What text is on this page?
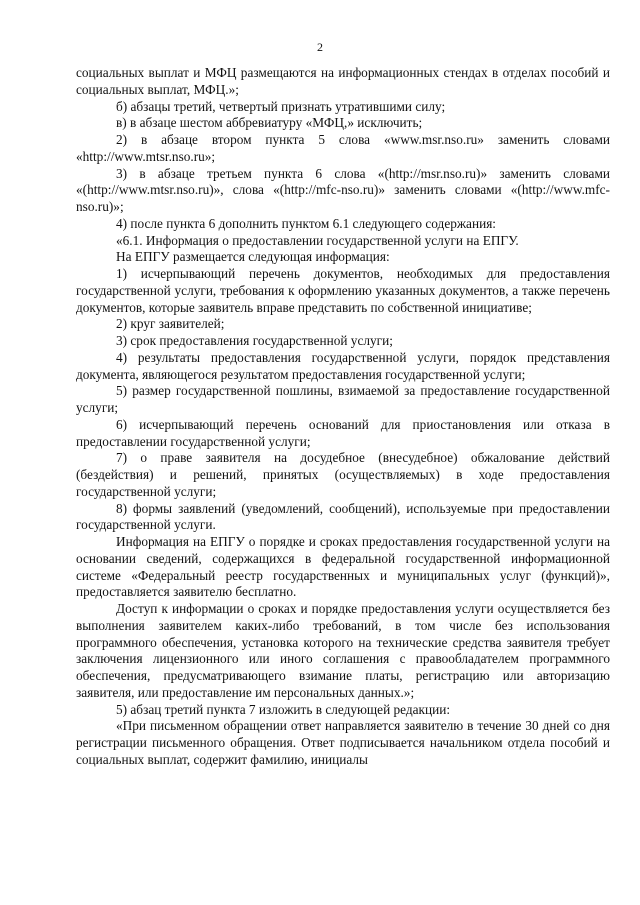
2

социальных выплат и МФЦ размещаются на информационных стендах в отделах пособий и социальных выплат, МФЦ.»;

б) абзацы третий, четвертый признать утратившими силу;

в) в абзаце шестом аббревиатуру «МФЦ,» исключить;

2) в абзаце втором пункта 5 слова «www.msr.nso.ru» заменить словами «http://www.mtsr.nso.ru»;

3) в абзаце третьем пункта 6 слова «(http://msr.nso.ru)» заменить словами «(http://www.mtsr.nso.ru)», слова «(http://mfc-nso.ru)» заменить словами «(http://www.mfc-nso.ru)»;

4) после пункта 6 дополнить пунктом 6.1 следующего содержания:

«6.1. Информация о предоставлении государственной услуги на ЕПГУ.

На ЕПГУ размещается следующая информация:

1) исчерпывающий перечень документов, необходимых для предоставления государственной услуги, требования к оформлению указанных документов, а также перечень документов, которые заявитель вправе представить по собственной инициативе;

2) круг заявителей;

3) срок предоставления государственной услуги;

4) результаты предоставления государственной услуги, порядок представления документа, являющегося результатом предоставления государственной услуги;

5) размер государственной пошлины, взимаемой за предоставление государственной услуги;

6) исчерпывающий перечень оснований для приостановления или отказа в предоставлении государственной услуги;

7) о праве заявителя на досудебное (внесудебное) обжалование действий (бездействия) и решений, принятых (осуществляемых) в ходе предоставления государственной услуги;

8) формы заявлений (уведомлений, сообщений), используемые при предоставлении государственной услуги.

Информация на ЕПГУ о порядке и сроках предоставления государственной услуги на основании сведений, содержащихся в федеральной государственной информационной системе «Федеральный реестр государственных и муниципальных услуг (функций)», предоставляется заявителю бесплатно.

Доступ к информации о сроках и порядке предоставления услуги осуществляется без выполнения заявителем каких-либо требований, в том числе без использования программного обеспечения, установка которого на технические средства заявителя требует заключения лицензионного или иного соглашения с правообладателем программного обеспечения, предусматривающего взимание платы, регистрацию или авторизацию заявителя, или предоставление им персональных данных.»;

5) абзац третий пункта 7 изложить в следующей редакции:

«При письменном обращении ответ направляется заявителю в течение 30 дней со дня регистрации письменного обращения. Ответ подписывается начальником отдела пособий и социальных выплат, содержит фамилию, инициалы
